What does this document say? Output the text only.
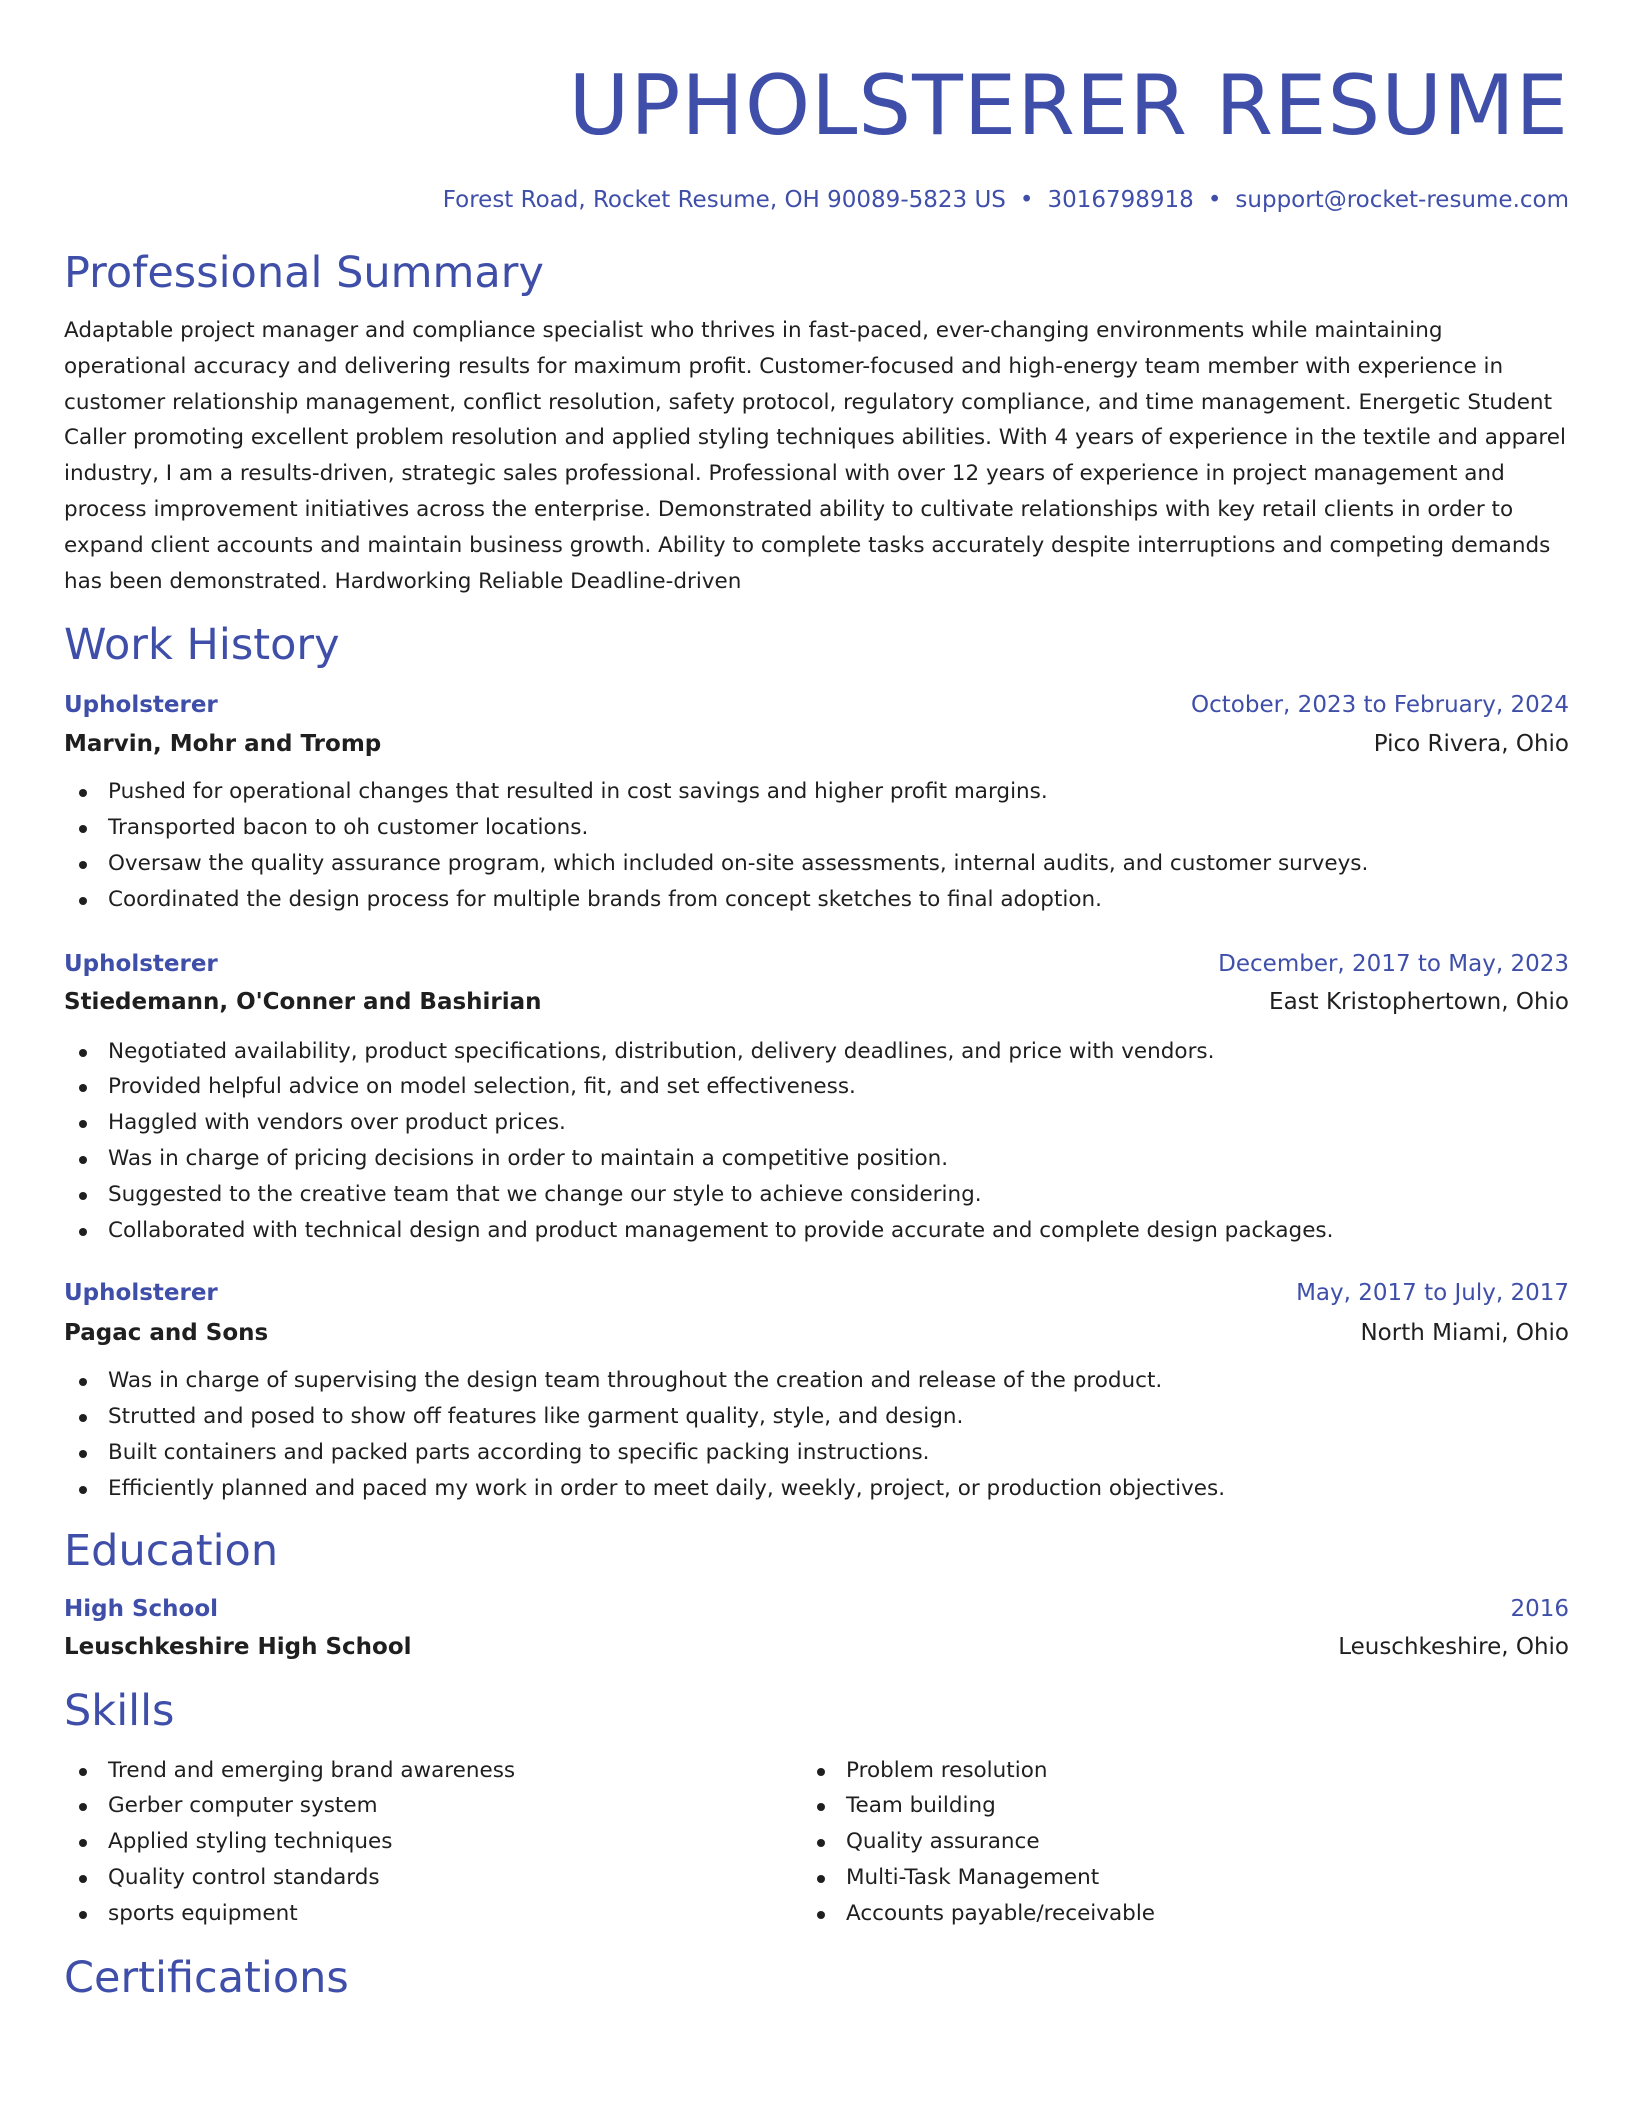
UPHOLSTERER RESUME
Forest Road, Rocket Resume, OH 90089-5823 US • 3016798918 • support@rocket-resume.com
Professional Summary
Adaptable project manager and compliance specialist who thrives in fast-paced, ever-changing environments while maintaining operational accuracy and delivering results for maximum profit. Customer-focused and high-energy team member with experience in customer relationship management, conflict resolution, safety protocol, regulatory compliance, and time management. Energetic Student Caller promoting excellent problem resolution and applied styling techniques abilities. With 4 years of experience in the textile and apparel industry, I am a results-driven, strategic sales professional. Professional with over 12 years of experience in project management and process improvement initiatives across the enterprise. Demonstrated ability to cultivate relationships with key retail clients in order to expand client accounts and maintain business growth. Ability to complete tasks accurately despite interruptions and competing demands has been demonstrated. Hardworking Reliable Deadline-driven
Work History
Upholsterer	October, 2023 to February, 2024
Marvin, Mohr and Tromp	Pico Rivera, Ohio
Pushed for operational changes that resulted in cost savings and higher profit margins.
Transported bacon to oh customer locations.
Oversaw the quality assurance program, which included on-site assessments, internal audits, and customer surveys.
Coordinated the design process for multiple brands from concept sketches to final adoption.
Upholsterer	December, 2017 to May, 2023
Stiedemann, O'Conner and Bashirian	East Kristophertown, Ohio
Negotiated availability, product specifications, distribution, delivery deadlines, and price with vendors.
Provided helpful advice on model selection, fit, and set effectiveness.
Haggled with vendors over product prices.
Was in charge of pricing decisions in order to maintain a competitive position.
Suggested to the creative team that we change our style to achieve considering.
Collaborated with technical design and product management to provide accurate and complete design packages.
Upholsterer	May, 2017 to July, 2017
Pagac and Sons	North Miami, Ohio
Was in charge of supervising the design team throughout the creation and release of the product.
Strutted and posed to show off features like garment quality, style, and design.
Built containers and packed parts according to specific packing instructions.
Efficiently planned and paced my work in order to meet daily, weekly, project, or production objectives.
Education
High School	2016
Leuschkeshire High School	Leuschkeshire, Ohio
Skills
Trend and emerging brand awareness
Gerber computer system
Applied styling techniques
Quality control standards
sports equipment
Problem resolution
Team building
Quality assurance
Multi-Task Management
Accounts payable/receivable
Certifications
